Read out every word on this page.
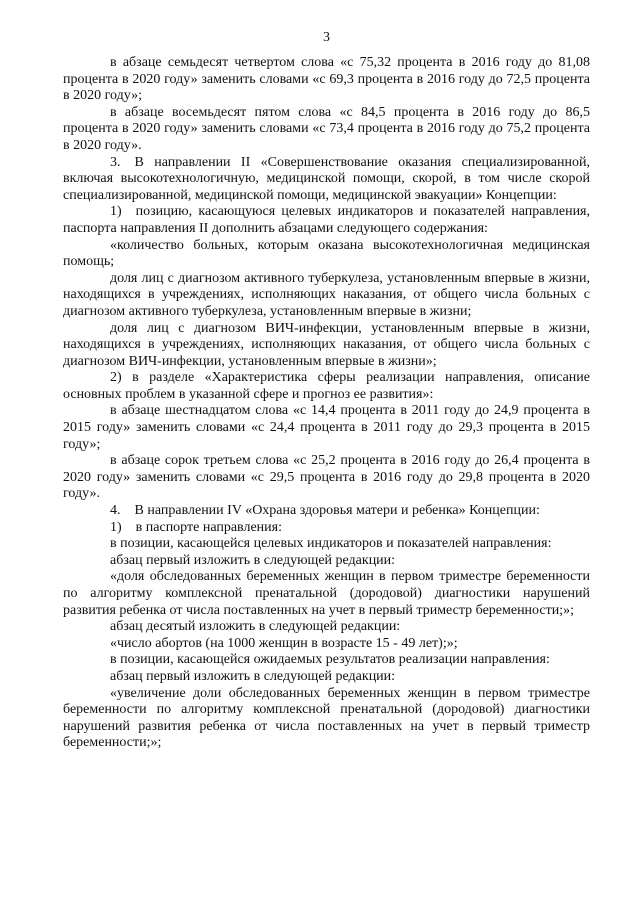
3

в абзаце семьдесят четвертом слова «с 75,32 процента в 2016 году до 81,08 процента в 2020 году» заменить словами «с 69,3 процента в 2016 году до 72,5 процента в 2020 году»;

в абзаце восемьдесят пятом слова «с 84,5 процента в 2016 году до 86,5 процента в 2020 году» заменить словами «с 73,4 процента в 2016 году до 75,2 процента в 2020 году».

3. В направлении II «Совершенствование оказания специализированной, включая высокотехнологичную, медицинской помощи, скорой, в том числе скорой специализированной, медицинской помощи, медицинской эвакуации» Концепции:

1) позицию, касающуюся целевых индикаторов и показателей направления, паспорта направления II дополнить абзацами следующего содержания:

«количество больных, которым оказана высокотехнологичная медицинская помощь;

доля лиц с диагнозом активного туберкулеза, установленным впервые в жизни, находящихся в учреждениях, исполняющих наказания, от общего числа больных с диагнозом активного туберкулеза, установленным впервые в жизни;

доля лиц с диагнозом ВИЧ-инфекции, установленным впервые в жизни, находящихся в учреждениях, исполняющих наказания, от общего числа больных с диагнозом ВИЧ-инфекции, установленным впервые в жизни»;

2) в разделе «Характеристика сферы реализации направления, описание основных проблем в указанной сфере и прогноз ее развития»:

в абзаце шестнадцатом слова «с 14,4 процента в 2011 году до 24,9 процента в 2015 году» заменить словами «с 24,4 процента в 2011 году до 29,3 процента в 2015 году»;

в абзаце сорок третьем слова «с 25,2 процента в 2016 году до 26,4 процента в 2020 году» заменить словами «с 29,5 процента в 2016 году до 29,8 процента в 2020 году».

4. В направлении IV «Охрана здоровья матери и ребенка» Концепции:

1) в паспорте направления:

в позиции, касающейся целевых индикаторов и показателей направления:

абзац первый изложить в следующей редакции:

«доля обследованных беременных женщин в первом триместре беременности по алгоритму комплексной пренатальной (дородовой) диагностики нарушений развития ребенка от числа поставленных на учет в первый триместр беременности;»;

абзац десятый изложить в следующей редакции:

«число абортов (на 1000 женщин в возрасте 15 - 49 лет);»;

в позиции, касающейся ожидаемых результатов реализации направления:

абзац первый изложить в следующей редакции:

«увеличение доли обследованных беременных женщин в первом триместре беременности по алгоритму комплексной пренатальной (дородовой) диагностики нарушений развития ребенка от числа поставленных на учет в первый триместр беременности;»;
